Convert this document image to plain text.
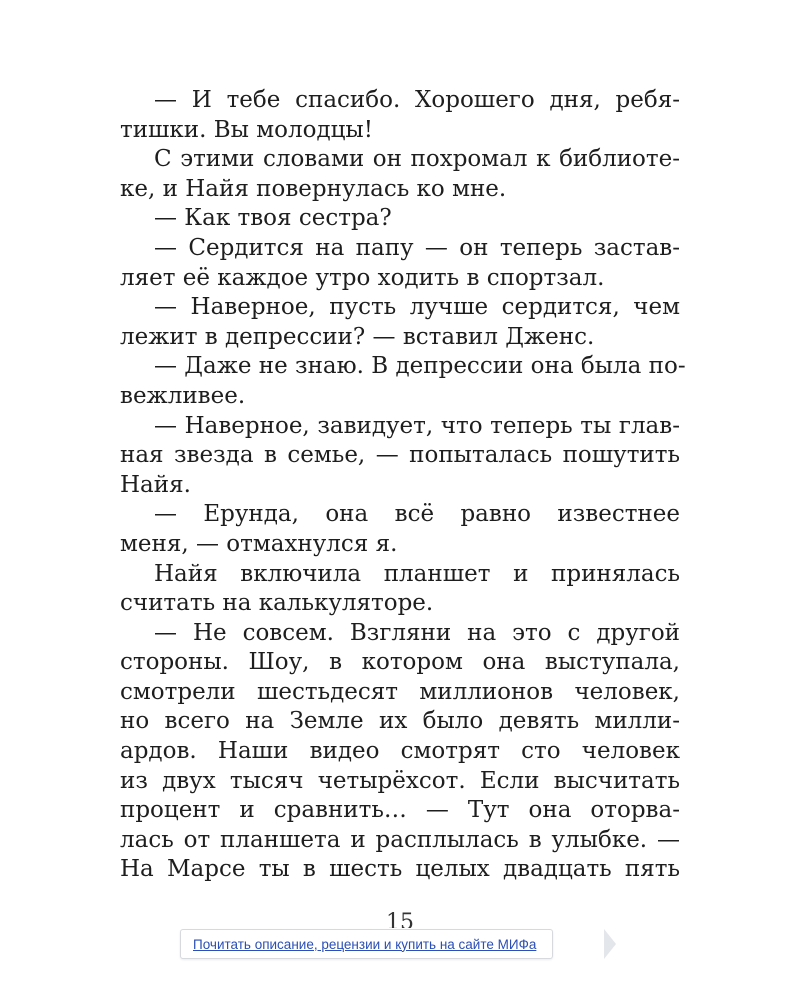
— И тебе спасибо. Хорошего дня, ребя-
тишки. Вы молодцы!
С этими словами он похромал к библиоте-
ке, и Найя повернулась ко мне.
— Как твоя сестра?
— Сердится на папу — он теперь застав-
ляет её каждое утро ходить в спортзал.
— Наверное, пусть лучше сердится, чем
лежит в депрессии? — вставил Дженс.
— Даже не знаю. В депрессии она была по-
вежливее.
— Наверное, завидует, что теперь ты глав-
ная звезда в семье, — попыталась пошутить
Найя.
— Ерунда, она всё равно известнее
меня, — отмахнулся я.
Найя включила планшет и принялась
считать на калькуляторе.
— Не совсем. Взгляни на это с другой
стороны. Шоу, в котором она выступала,
смотрели шестьдесят миллионов человек,
но всего на Земле их было девять милли-
ардов. Наши видео смотрят сто человек
из двух тысяч четырёхсот. Если высчитать
процент и сравнить… — Тут она оторва-
лась от планшета и расплылась в улыбке. —
На Марсе ты в шесть целых двадцать пять
15
Почитать описание, рецензии и купить на сайте МИФа
